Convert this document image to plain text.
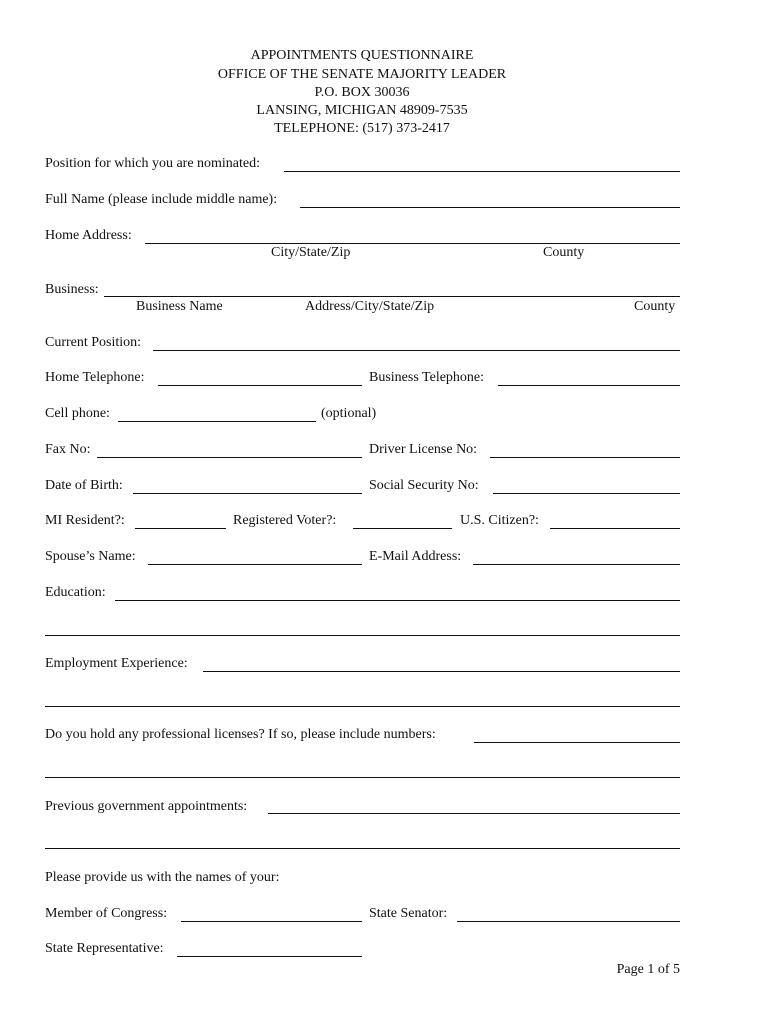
APPOINTMENTS QUESTIONNAIRE
OFFICE OF THE SENATE MAJORITY LEADER
P.O. BOX 30036
LANSING, MICHIGAN 48909-7535
TELEPHONE: (517) 373-2417
Position for which you are nominated:
Full Name (please include middle name):
Home Address:
City/State/Zip	County
Business:
Business Name	Address/City/State/Zip	County
Current Position:
Home Telephone:	Business Telephone:
Cell phone:	(optional)
Fax No:	Driver License No:
Date of Birth:	Social Security No:
MI Resident?:	Registered Voter?:	U.S. Citizen?:
Spouse’s Name:	E-Mail Address:
Education:
Employment Experience:
Do you hold any professional licenses? If so, please include numbers:
Previous government appointments:
Please provide us with the names of your:
Member of Congress:	State Senator:
State Representative:
Page 1 of 5
